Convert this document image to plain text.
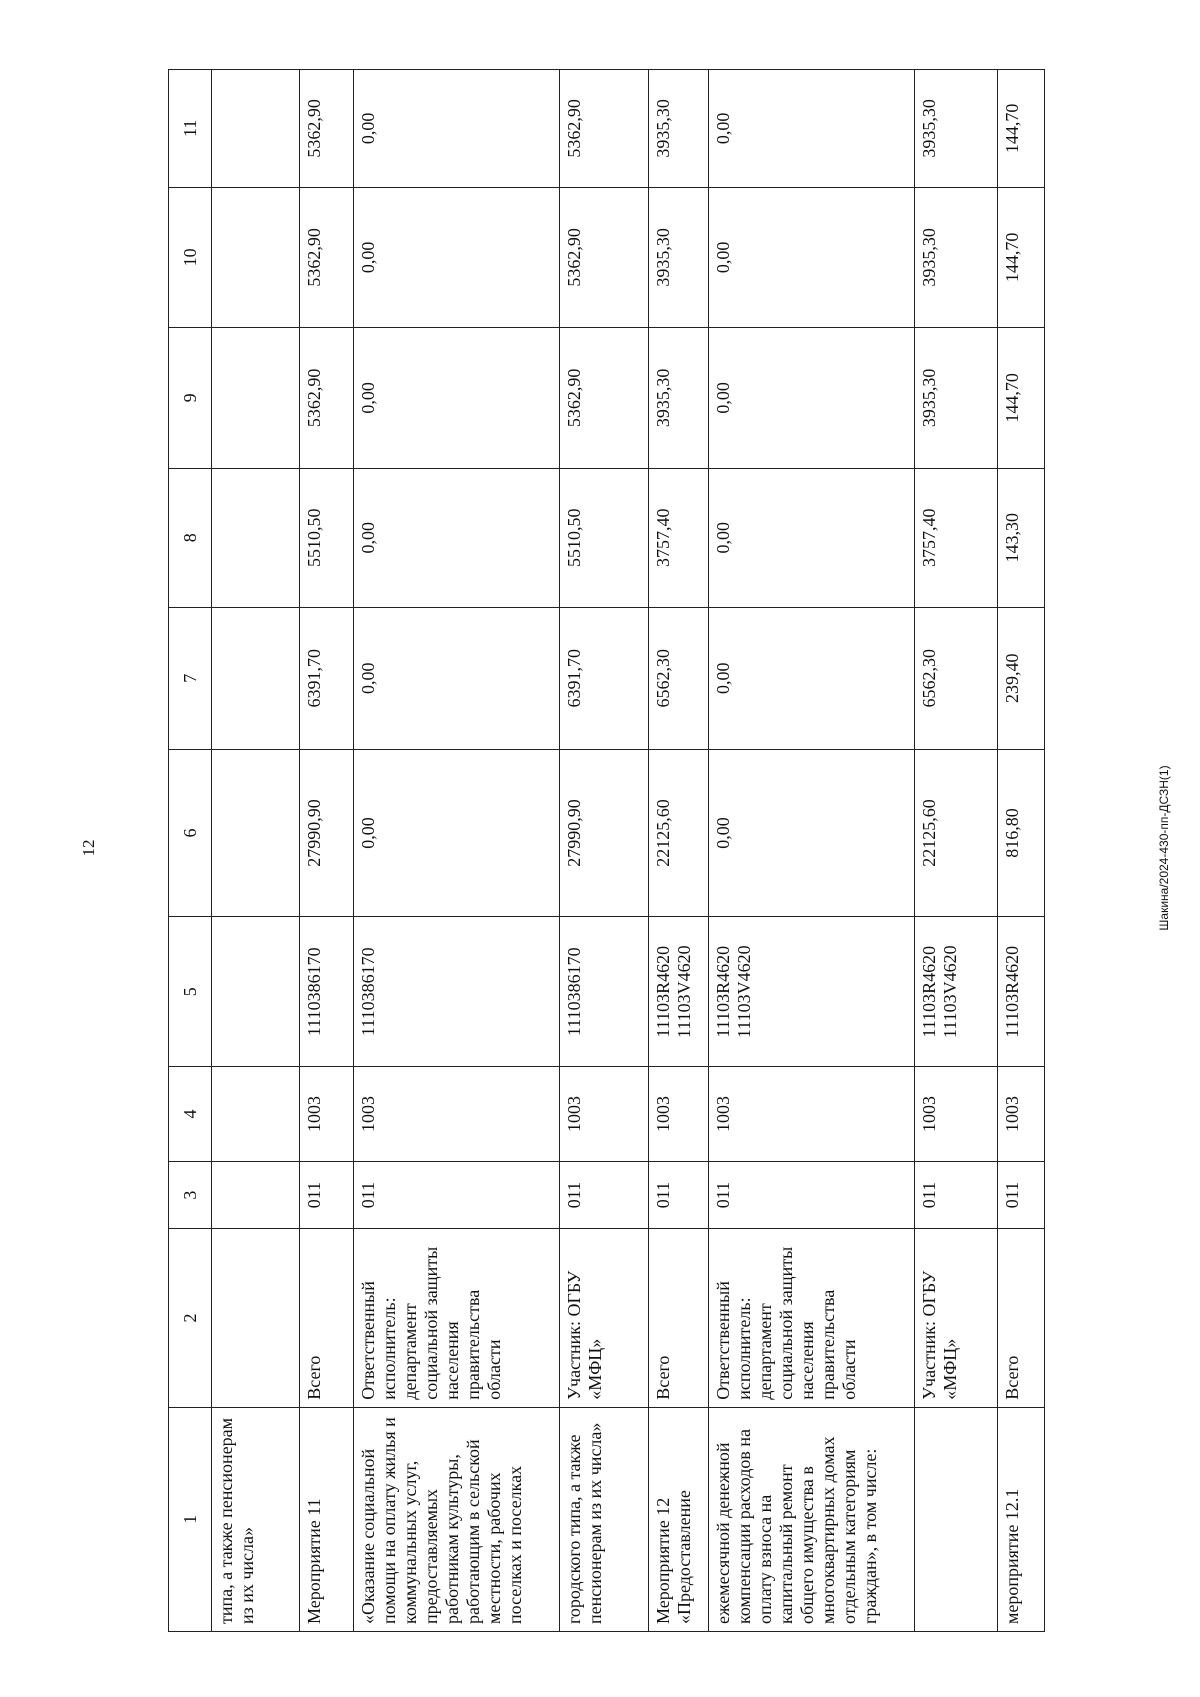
12	Шакина/2024-430-пп-ДСЗН(1)
1	2	3	4	5	6	7	8	9	10	11
типа, а также пенсионерам из их числа»										
Мероприятие 11	Всего	011	1003	1110386170	27990,90	6391,70	5510,50	5362,90	5362,90	5362,90
«Оказание социальной помощи на оплату жилья и коммунальных услуг, предоставляемых работникам культуры, работающим в сельской местности, рабочих поселках и поселках	Ответственный исполнитель: департамент социальной защиты населения правительства области	011	1003	1110386170	0,00	0,00	0,00	0,00	0,00	0,00
городского типа, а также пенсионерам из их числа»	Участник: ОГБУ «МФЦ»	011	1003	1110386170	27990,90	6391,70	5510,50	5362,90	5362,90	5362,90
Мероприятие 12 «Предоставление	Всего	011	1003	11103R4620 11103V4620	22125,60	6562,30	3757,40	3935,30	3935,30	3935,30
ежемесячной денежной компенсации расходов на оплату взноса на капитальный ремонт общего имущества в многоквартирных домах отдельным категориям граждан», в том числе:	Ответственный исполнитель: департамент социальной защиты населения правительства области	011	1003	11103R4620 11103V4620	0,00	0,00	0,00	0,00	0,00	0,00
	Участник: ОГБУ «МФЦ»	011	1003	11103R4620 11103V4620	22125,60	6562,30	3757,40	3935,30	3935,30	3935,30
мероприятие 12.1	Всего	011	1003	11103R4620	816,80	239,40	143,30	144,70	144,70	144,70
